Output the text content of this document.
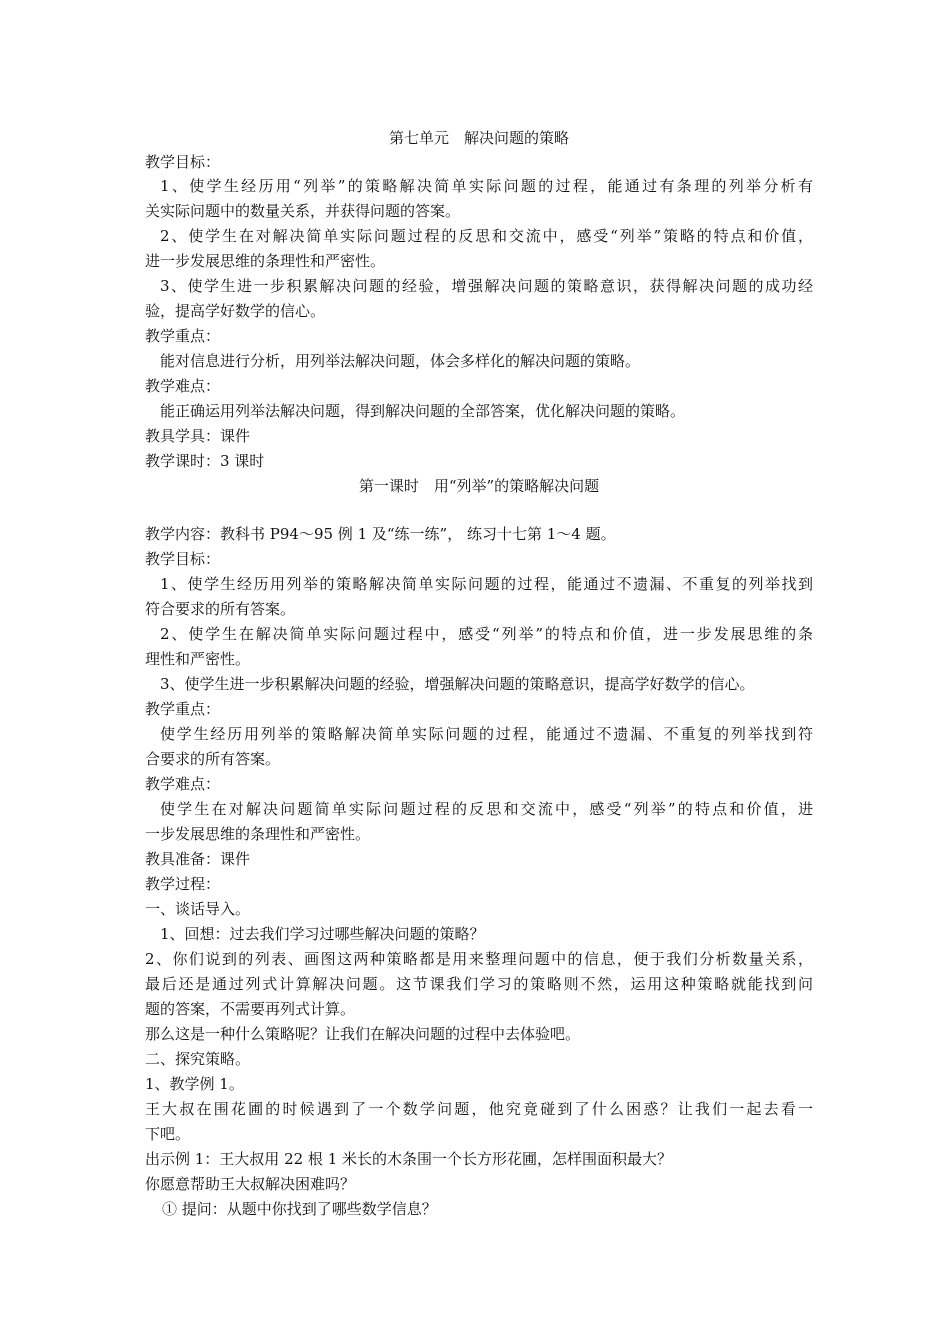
第七单元　解决问题的策略
教学目标：
1、使学生经历用“列举”的策略解决简单实际问题的过程，能通过有条理的列举分析有
关实际问题中的数量关系，并获得问题的答案。
2、使学生在对解决简单实际问题过程的反思和交流中，感受“列举”策略的特点和价值，
进一步发展思维的条理性和严密性。
3、使学生进一步积累解决问题的经验，增强解决问题的策略意识，获得解决问题的成功经
验，提高学好数学的信心。
教学重点：
能对信息进行分析，用列举法解决问题，体会多样化的解决问题的策略。
教学难点：
能正确运用列举法解决问题，得到解决问题的全部答案，优化解决问题的策略。
教具学具：课件
教学课时：3 课时
第一课时　用“列举”的策略解决问题
教学内容：教科书 P94～95 例 1 及“练一练”， 练习十七第 1～4 题。
教学目标：
1、使学生经历用列举的策略解决简单实际问题的过程，能通过不遗漏、不重复的列举找到
符合要求的所有答案。
2、使学生在解决简单实际问题过程中，感受“列举”的特点和价值，进一步发展思维的条
理性和严密性。
3、使学生进一步积累解决问题的经验，增强解决问题的策略意识，提高学好数学的信心。
教学重点：
使学生经历用列举的策略解决简单实际问题的过程，能通过不遗漏、不重复的列举找到符
合要求的所有答案。
教学难点：
使学生在对解决问题简单实际问题过程的反思和交流中，感受“列举”的特点和价值，进
一步发展思维的条理性和严密性。
教具准备：课件
教学过程：
一、谈话导入。
1、回想：过去我们学习过哪些解决问题的策略？
2、你们说到的列表、画图这两种策略都是用来整理问题中的信息，便于我们分析数量关系，
最后还是通过列式计算解决问题。这节课我们学习的策略则不然，运用这种策略就能找到问
题的答案，不需要再列式计算。
那么这是一种什么策略呢？让我们在解决问题的过程中去体验吧。
二、探究策略。
1、教学例 1。
王大叔在围花圃的时候遇到了一个数学问题，他究竟碰到了什么困惑？让我们一起去看一
下吧。
出示例 1：王大叔用 22 根 1 米长的木条围一个长方形花圃，怎样围面积最大？
你愿意帮助王大叔解决困难吗？
① 提问：从题中你找到了哪些数学信息？
